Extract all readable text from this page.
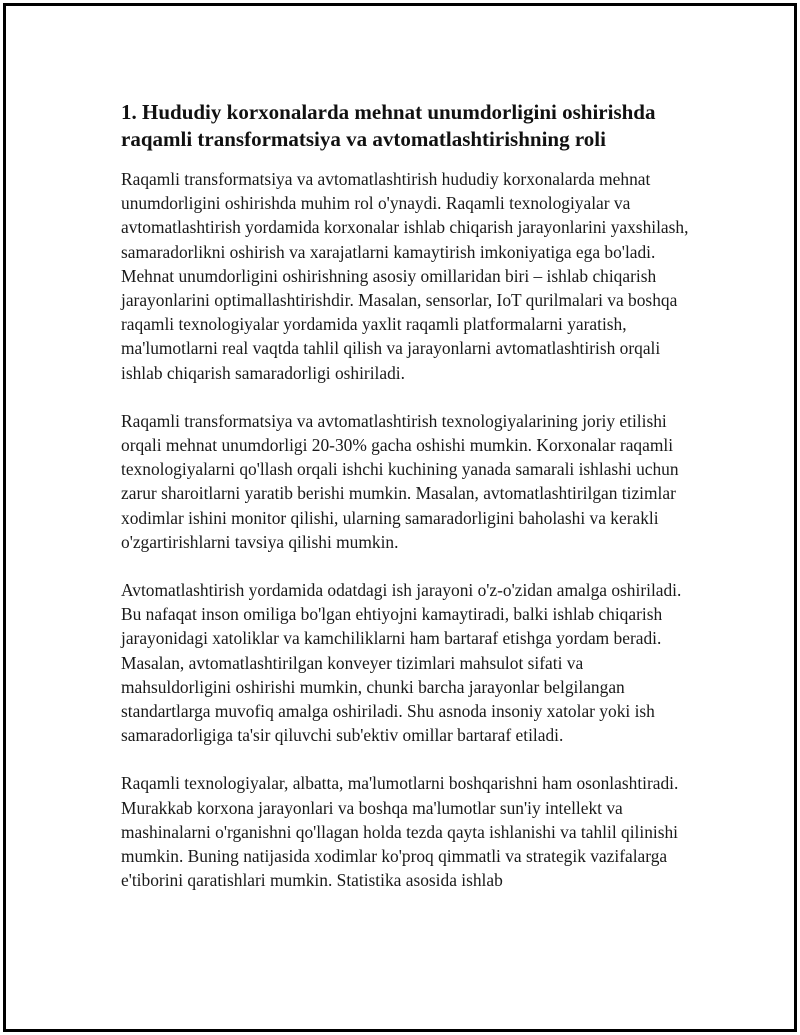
1. Hududiy korxonalarda mehnat unumdorligini oshirishda raqamli transformatsiya va avtomatlashtirishning roli

Raqamli transformatsiya va avtomatlashtirish hududiy korxonalarda mehnat unumdorligini oshirishda muhim rol o'ynaydi. Raqamli texnologiyalar va avtomatlashtirish yordamida korxonalar ishlab chiqarish jarayonlarini yaxshilash, samaradorlikni oshirish va xarajatlarni kamaytirish imkoniyatiga ega bo'ladi. Mehnat unumdorligini oshirishning asosiy omillaridan biri – ishlab chiqarish jarayonlarini optimallashtirishdir. Masalan, sensorlar, IoT qurilmalari va boshqa raqamli texnologiyalar yordamida yaxlit raqamli platformalarni yaratish, ma'lumotlarni real vaqtda tahlil qilish va jarayonlarni avtomatlashtirish orqali ishlab chiqarish samaradorligi oshiriladi.

Raqamli transformatsiya va avtomatlashtirish texnologiyalarining joriy etilishi orqali mehnat unumdorligi 20-30% gacha oshishi mumkin. Korxonalar raqamli texnologiyalarni qo'llash orqali ishchi kuchining yanada samarali ishlashi uchun zarur sharoitlarni yaratib berishi mumkin. Masalan, avtomatlashtirilgan tizimlar xodimlar ishini monitor qilishi, ularning samaradorligini baholashi va kerakli o'zgartirishlarni tavsiya qilishi mumkin.

Avtomatlashtirish yordamida odatdagi ish jarayoni o'z-o'zidan amalga oshiriladi. Bu nafaqat inson omiliga bo'lgan ehtiyojni kamaytiradi, balki ishlab chiqarish jarayonidagi xatoliklar va kamchiliklarni ham bartaraf etishga yordam beradi. Masalan, avtomatlashtirilgan konveyer tizimlari mahsulot sifati va mahsuldorligini oshirishi mumkin, chunki barcha jarayonlar belgilangan standartlarga muvofiq amalga oshiriladi. Shu asnoda insoniy xatolar yoki ish samaradorligiga ta'sir qiluvchi sub'ektiv omillar bartaraf etiladi.

Raqamli texnologiyalar, albatta, ma'lumotlarni boshqarishni ham osonlashtiradi. Murakkab korxona jarayonlari va boshqa ma'lumotlar sun'iy intellekt va mashinalarni o'rganishni qo'llagan holda tezda qayta ishlanishi va tahlil qilinishi mumkin. Buning natijasida xodimlar ko'proq qimmatli va strategik vazifalarga e'tiborini qaratishlari mumkin. Statistika asosida ishlab
